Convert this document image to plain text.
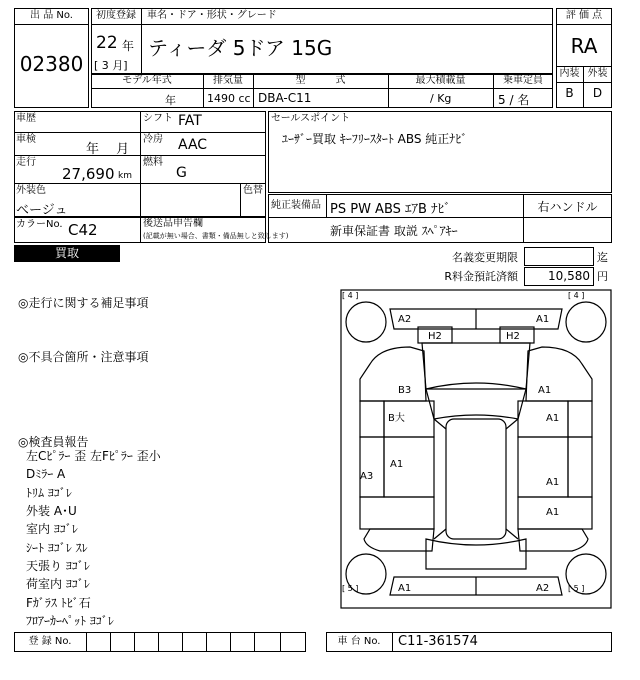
出 品 No.
02380
初度登録	車名・ドア・形状・グレード
22 年
[ 3 月]
ティーダ 5ドア 15G
評 価 点
RA
内装 外装
B	D
モデル年式	排気量	型　　　式	最大積載量	乗車定員
年	1490 cc DBA-C11	/ Kg	5 / 名
車歴	シフト FAT
車検
年　 月
冷房 AAC
走行
27,690 km
燃料
G
外装色
ベージュ
色替
カラーNo. C42	後送品申告欄
(記載が無い場合、書類・備品無しと致します)
セールスポイント
ﾕｰｻﾞｰ買取 ｷｰﾌﾘｰｽﾀｰﾄ ABS 純正ﾅﾋﾞ
純正装備品 PS PW ABS ｴｱB ﾅﾋﾞ	右ハンドル
新車保証書 取説 ｽﾍﾟｱｷｰ
買取	名義変更期限	迄
R料金預託済額	10,580 円
◎走行に関する補足事項
◎不具合箇所・注意事項
◎検査員報告
左Cﾋﾟﾗｰ 歪 左Fﾋﾟﾗｰ 歪小
Dﾐﾗｰ A
ﾄﾘﾑ ﾖｺﾞﾚ
外装 A･U
室内 ﾖｺﾞﾚ
ｼｰﾄ ﾖｺﾞﾚ ｽﾚ
天張り ﾖｺﾞﾚ
荷室内 ﾖｺﾞﾚ
Fｶﾞﾗｽ ﾄﾋﾞ石
ﾌﾛｱｰｶｰﾍﾟｯﾄ ﾖｺﾞﾚ
[ 4 ]	[ 4 ]
[ 5 ]	[ 5 ]
A2	A1
H2	H2
B3	A1
B大	A1
A1
A3
A1
A1
A1	A2
登 録 No.	車 台 No.	C11-361574
